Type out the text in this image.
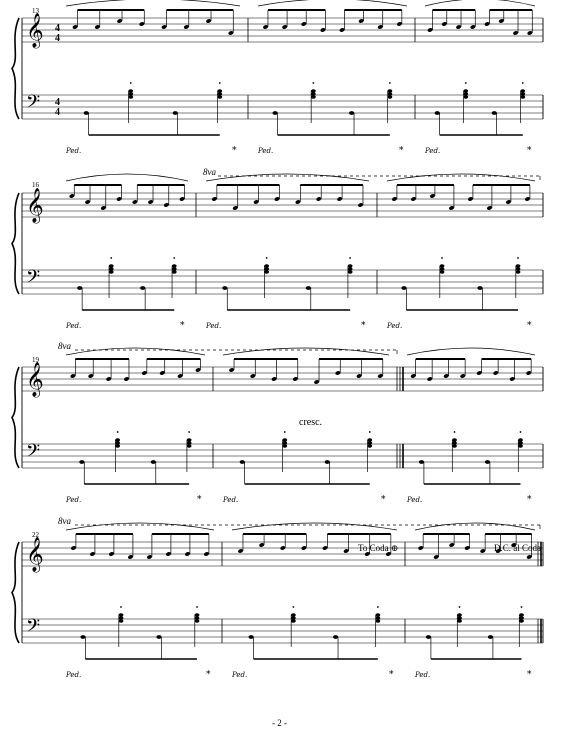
𝄞
𝄢
Ped.	*	Ped.	*	Ped.	*
𝄞
𝄢
Ped.	*	Ped.	*	Ped.	*
𝄞
𝄢
Ped.	*	Ped.	*	Ped.	*
𝄞
𝄢
Ped.	*	Ped.	*	Ped.	*
13
16
19
22
4
4
4
4
8va
8va
8va
cresc.
To Coda ⊕	D.C. al Coda
- 2 -
